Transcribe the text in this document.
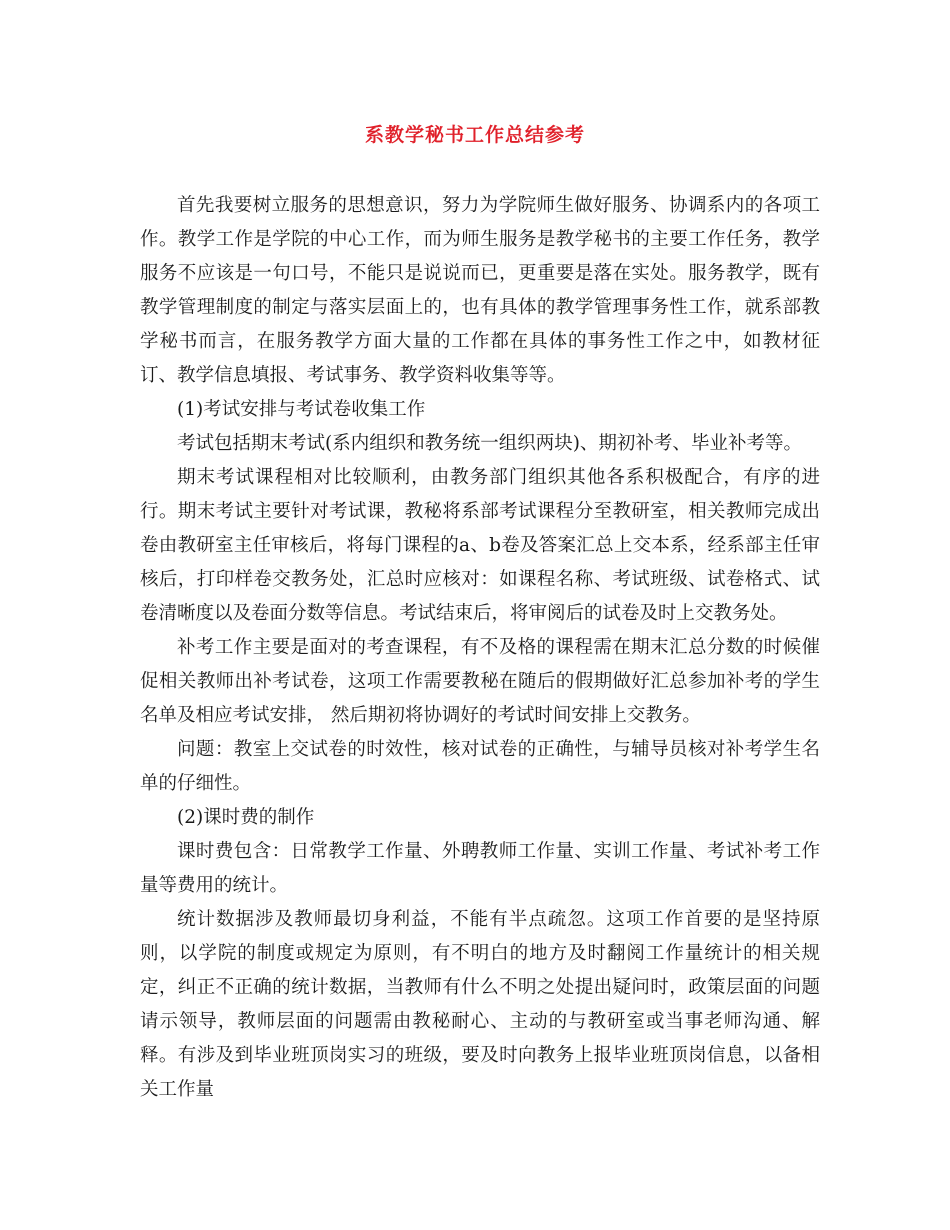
系教学秘书工作总结参考

首先我要树立服务的思想意识，努力为学院师生做好服务、协调系内的各项工作。教学工作是学院的中心工作，而为师生服务是教学秘书的主要工作任务，教学服务不应该是一句口号，不能只是说说而已，更重要是落在实处。服务教学，既有教学管理制度的制定与落实层面上的，也有具体的教学管理事务性工作，就系部教学秘书而言，在服务教学方面大量的工作都在具体的事务性工作之中，如教材征订、教学信息填报、考试事务、教学资料收集等等。

(1)考试安排与考试卷收集工作

考试包括期末考试(系内组织和教务统一组织两块)、期初补考、毕业补考等。

期末考试课程相对比较顺利，由教务部门组织其他各系积极配合，有序的进行。期末考试主要针对考试课，教秘将系部考试课程分至教研室，相关教师完成出卷由教研室主任审核后，将每门课程的a、b卷及答案汇总上交本系，经系部主任审核后，打印样卷交教务处，汇总时应核对：如课程名称、考试班级、试卷格式、试卷清晰度以及卷面分数等信息。考试结束后，将审阅后的试卷及时上交教务处。

补考工作主要是面对的考查课程，有不及格的课程需在期末汇总分数的时候催促相关教师出补考试卷，这项工作需要教秘在随后的假期做好汇总参加补考的学生名单及相应考试安排， 然后期初将协调好的考试时间安排上交教务。

问题：教室上交试卷的时效性，核对试卷的正确性，与辅导员核对补考学生名单的仔细性。

(2)课时费的制作

课时费包含：日常教学工作量、外聘教师工作量、实训工作量、考试补考工作量等费用的统计。

统计数据涉及教师最切身利益，不能有半点疏忽。这项工作首要的是坚持原则，以学院的制度或规定为原则，有不明白的地方及时翻阅工作量统计的相关规定，纠正不正确的统计数据，当教师有什么不明之处提出疑问时，政策层面的问题请示领导，教师层面的问题需由教秘耐心、主动的与教研室或当事老师沟通、解释。有涉及到毕业班顶岗实习的班级，要及时向教务上报毕业班顶岗信息，以备相关工作量
